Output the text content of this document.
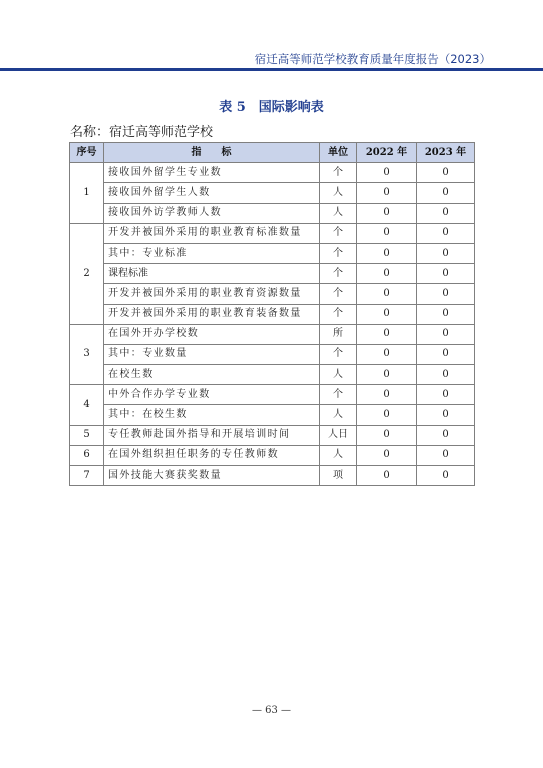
宿迁高等师范学校教育质量年度报告（2023）
表 5　国际影响表
名称：宿迁高等师范学校
序号	指　　标	单位	2022 年	2023 年
1	接收国外留学生专业数	个	0	0
	接收国外留学生人数	人	0	0
	接收国外访学教师人数	人	0	0
2	开发并被国外采用的职业教育标准数量	个	0	0
	其中：专业标准	个	0	0
	课程标准	个	0	0
	开发并被国外采用的职业教育资源数量	个	0	0
	开发并被国外采用的职业教育装备数量	个	0	0
3	在国外开办学校数	所	0	0
	其中：专业数量	个	0	0
	在校生数	人	0	0
4	中外合作办学专业数	个	0	0
	其中：在校生数	人	0	0
5	专任教师赴国外指导和开展培训时间	人日	0	0
6	在国外组织担任职务的专任教师数	人	0	0
7	国外技能大赛获奖数量	项	0	0
— 63 —
